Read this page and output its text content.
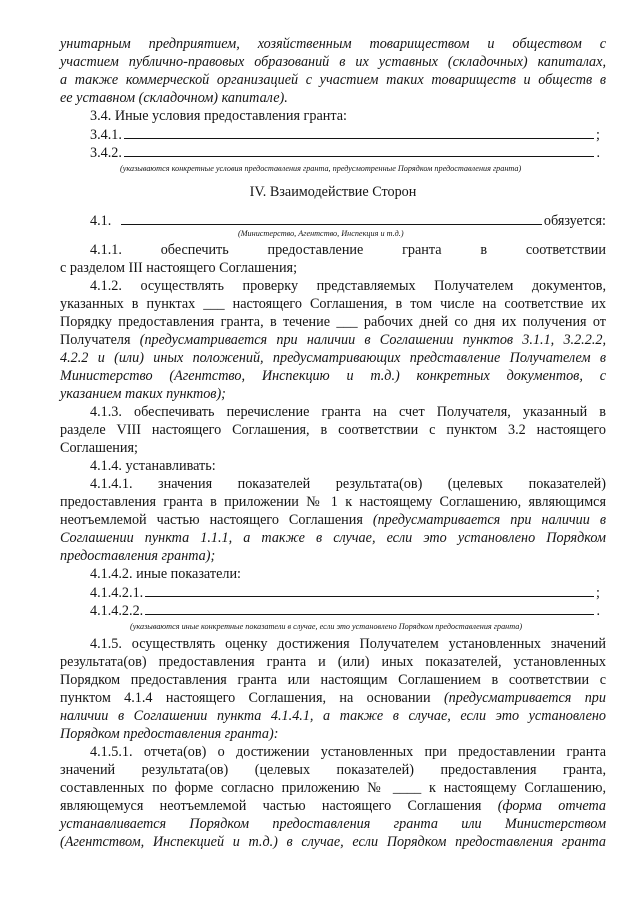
унитарным предприятием, хозяйственным товариществом и обществом с
участием публично-правовых образований в их уставных (складочных) капиталах,
а также коммерческой организацией с участием таких товариществ и обществ в
ее уставном (складочном) капитале).
3.4. Иные условия предоставления гранта:
3.4.1.	;
3.4.2.	.
(указываются конкретные условия предоставления гранта, предусмотренные Порядком предоставления гранта)
IV. Взаимодействие Сторон
4.1.	обязуется:
(Министерство, Агентство, Инспекция и т.д.)
4.1.1. обеспечить предоставление гранта в соответствии
с разделом III настоящего Соглашения;
4.1.2. осуществлять проверку представляемых Получателем документов,
указанных в пунктах ___ настоящего Соглашения, в том числе на соответствие их
Порядку предоставления гранта, в течение ___ рабочих дней со дня их получения от
Получателя (предусматривается при наличии в Соглашении пунктов 3.1.1, 3.2.2.2,
4.2.2 и (или) иных положений, предусматривающих представление Получателем в
Министерство (Агентство, Инспекцию и т.д.) конкретных документов, с
указанием таких пунктов);
4.1.3. обеспечивать перечисление гранта на счет Получателя, указанный в
разделе VIII настоящего Соглашения, в соответствии с пунктом 3.2 настоящего
Соглашения;
4.1.4. устанавливать:
4.1.4.1. значения показателей результата(ов) (целевых показателей)
предоставления гранта в приложении № 1 к настоящему Соглашению, являющимся
неотъемлемой частью настоящего Соглашения (предусматривается при наличии в
Соглашении пункта 1.1.1, а также в случае, если это установлено Порядком
предоставления гранта);
4.1.4.2. иные показатели:
4.1.4.2.1.	;
4.1.4.2.2.	.
(указываются иные конкретные показатели в случае, если это установлено Порядком предоставления гранта)
4.1.5. осуществлять оценку достижения Получателем установленных значений
результата(ов) предоставления гранта и (или) иных показателей, установленных
Порядком предоставления гранта или настоящим Соглашением в соответствии с
пунктом 4.1.4 настоящего Соглашения, на основании (предусматривается при
наличии в Соглашении пункта 4.1.4.1, а также в случае, если это установлено
Порядком предоставления гранта):
4.1.5.1. отчета(ов) о достижении установленных при предоставлении гранта
значений результата(ов) (целевых показателей) предоставления гранта,
составленных по форме согласно приложению № ____ к настоящему Соглашению,
являющемуся неотъемлемой частью настоящего Соглашения (форма отчета
устанавливается Порядком предоставления гранта или Министерством
(Агентством, Инспекцией и т.д.) в случае, если Порядком предоставления гранта
